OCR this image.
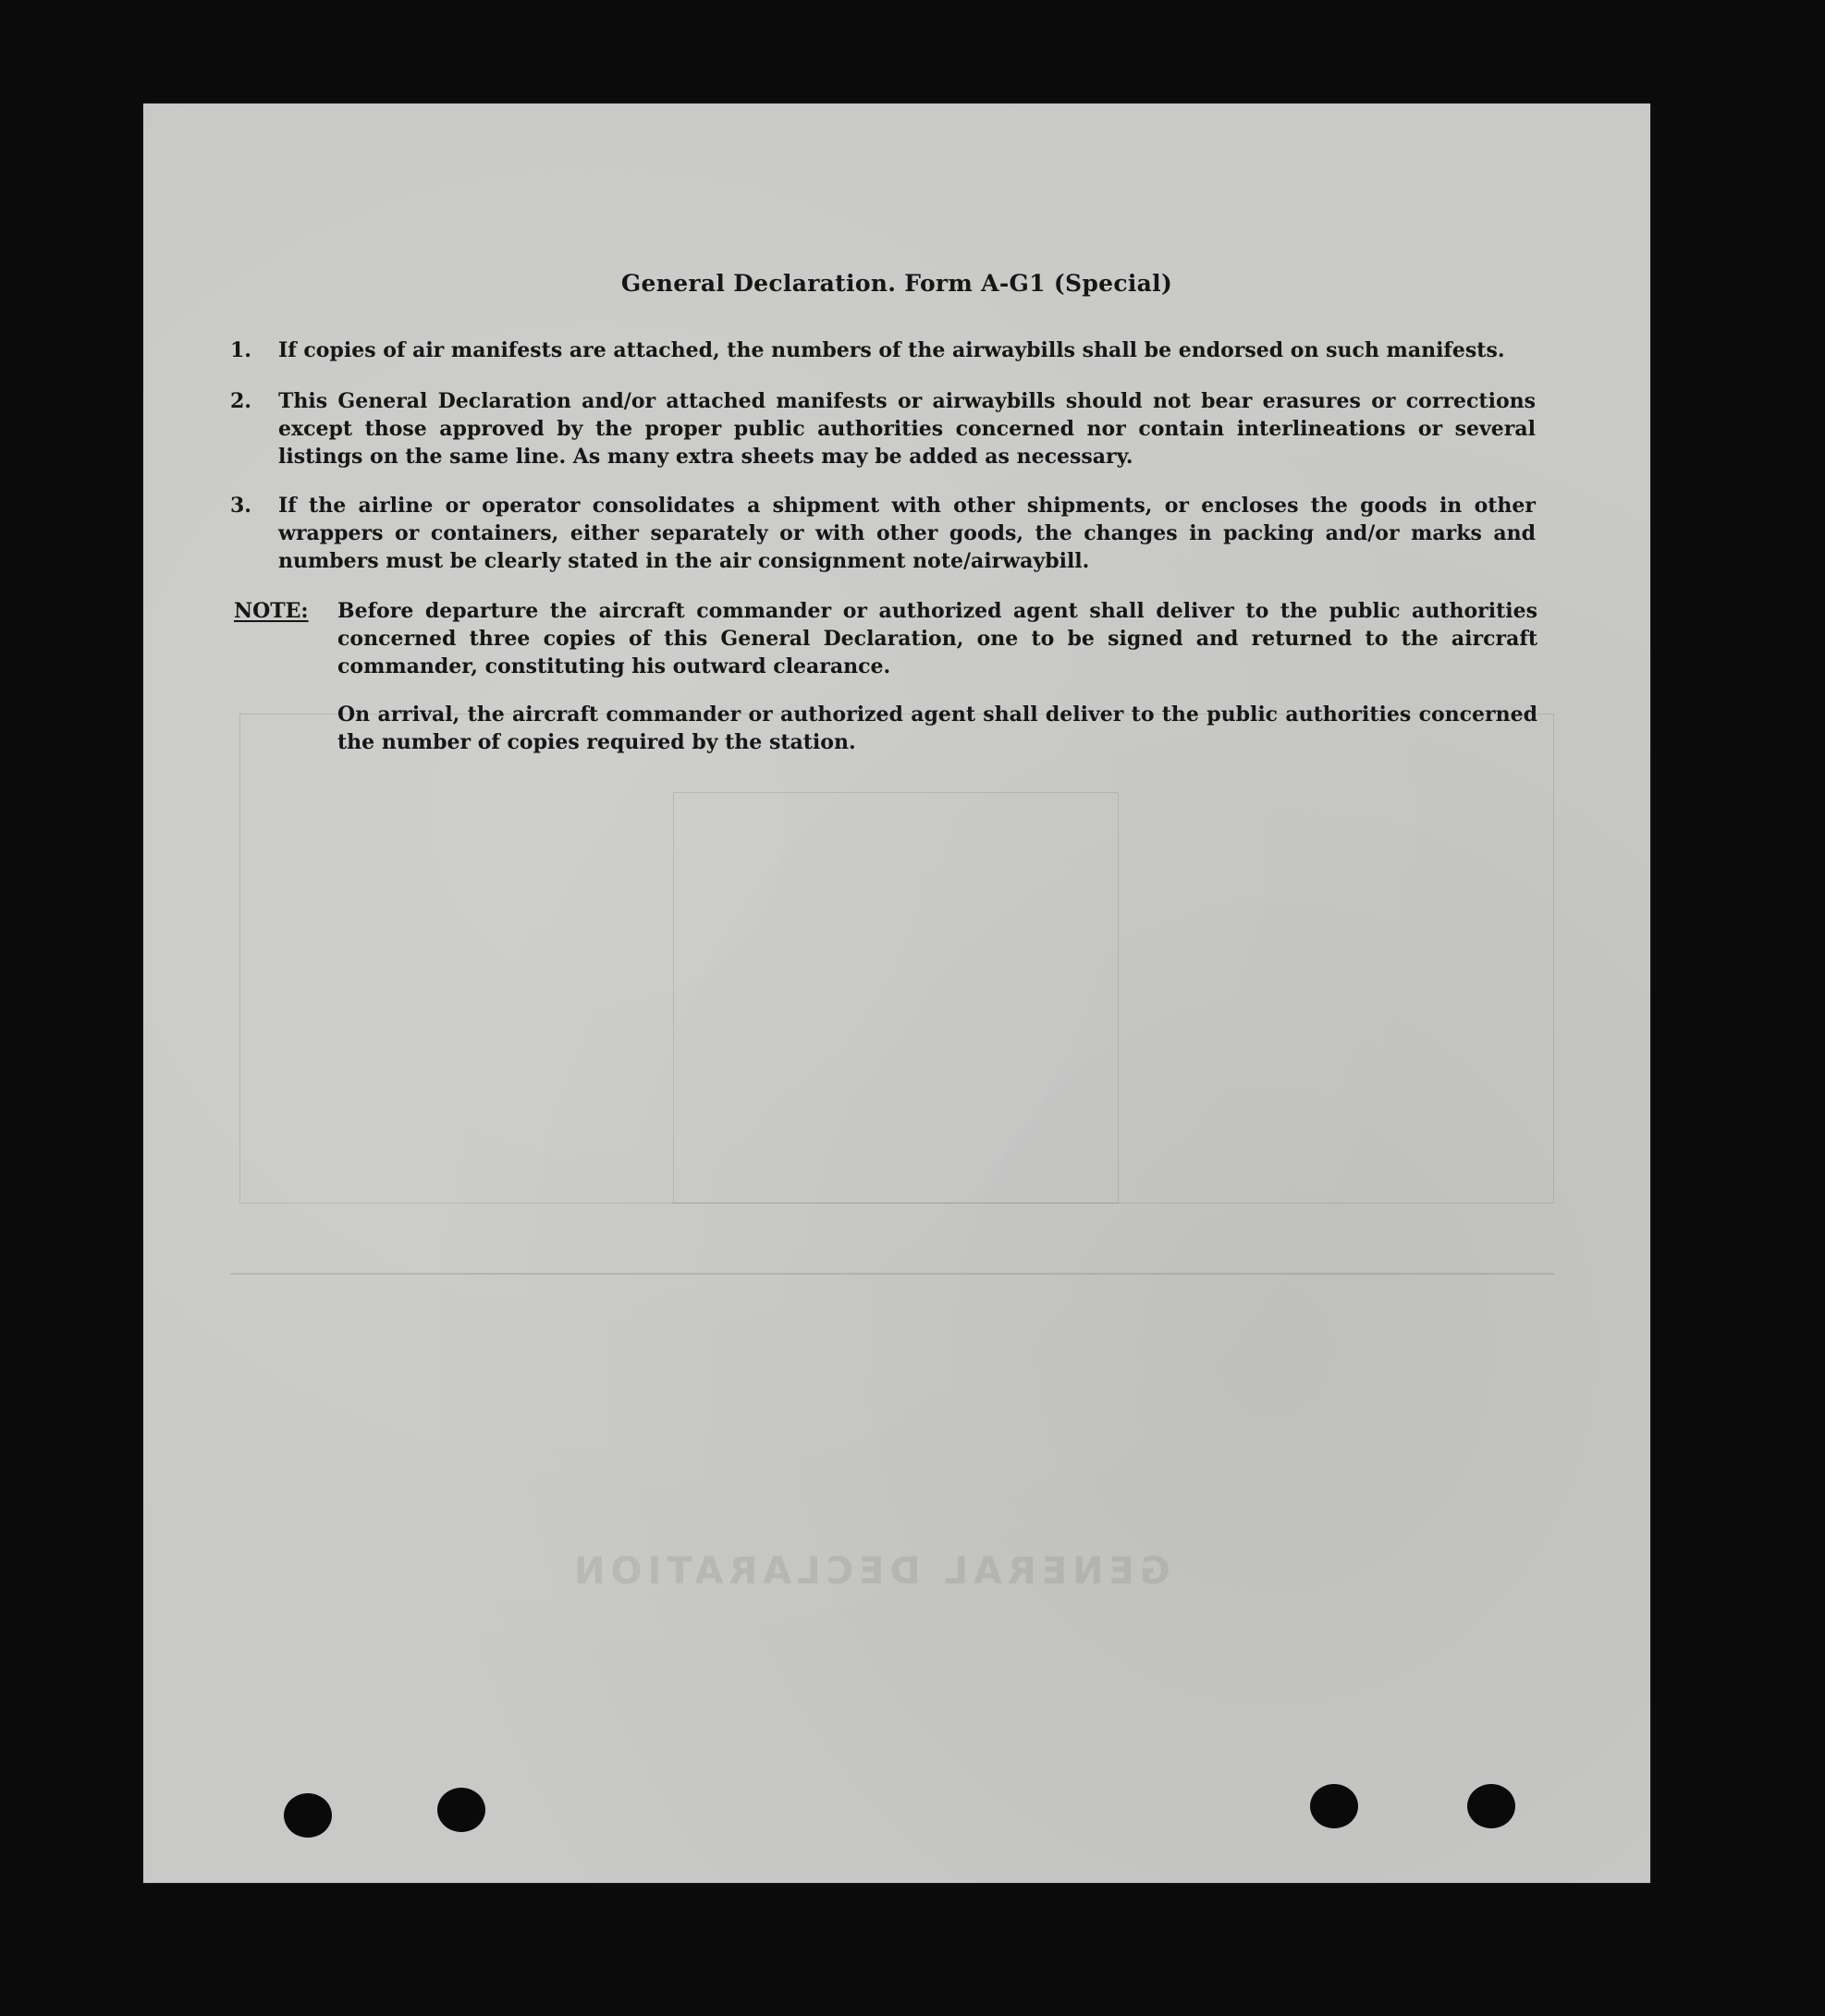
GENERAL DECLARATION
General Declaration. Form A-G1 (Special)
1.	If copies of air manifests are attached, the numbers of the airwaybills shall be endorsed on such manifests.
2.	This General Declaration and/or attached manifests or airwaybills should not bear erasures or corrections except those approved by the proper public authorities concerned nor contain interlineations or several listings on the same line. As many extra sheets may be added as necessary.
3.	If the airline or operator consolidates a shipment with other shipments, or encloses the goods in other wrappers or containers, either separately or with other goods, the changes in packing and/or marks and numbers must be clearly stated in the air consignment note/airwaybill.
NOTE: Before departure the aircraft commander or authorized agent shall deliver to the public authorities concerned three copies of this General Declaration, one to be signed and returned to the aircraft commander, constituting his outward clearance.
On arrival, the aircraft commander or authorized agent shall deliver to the public authorities concerned the number of copies required by the station.
